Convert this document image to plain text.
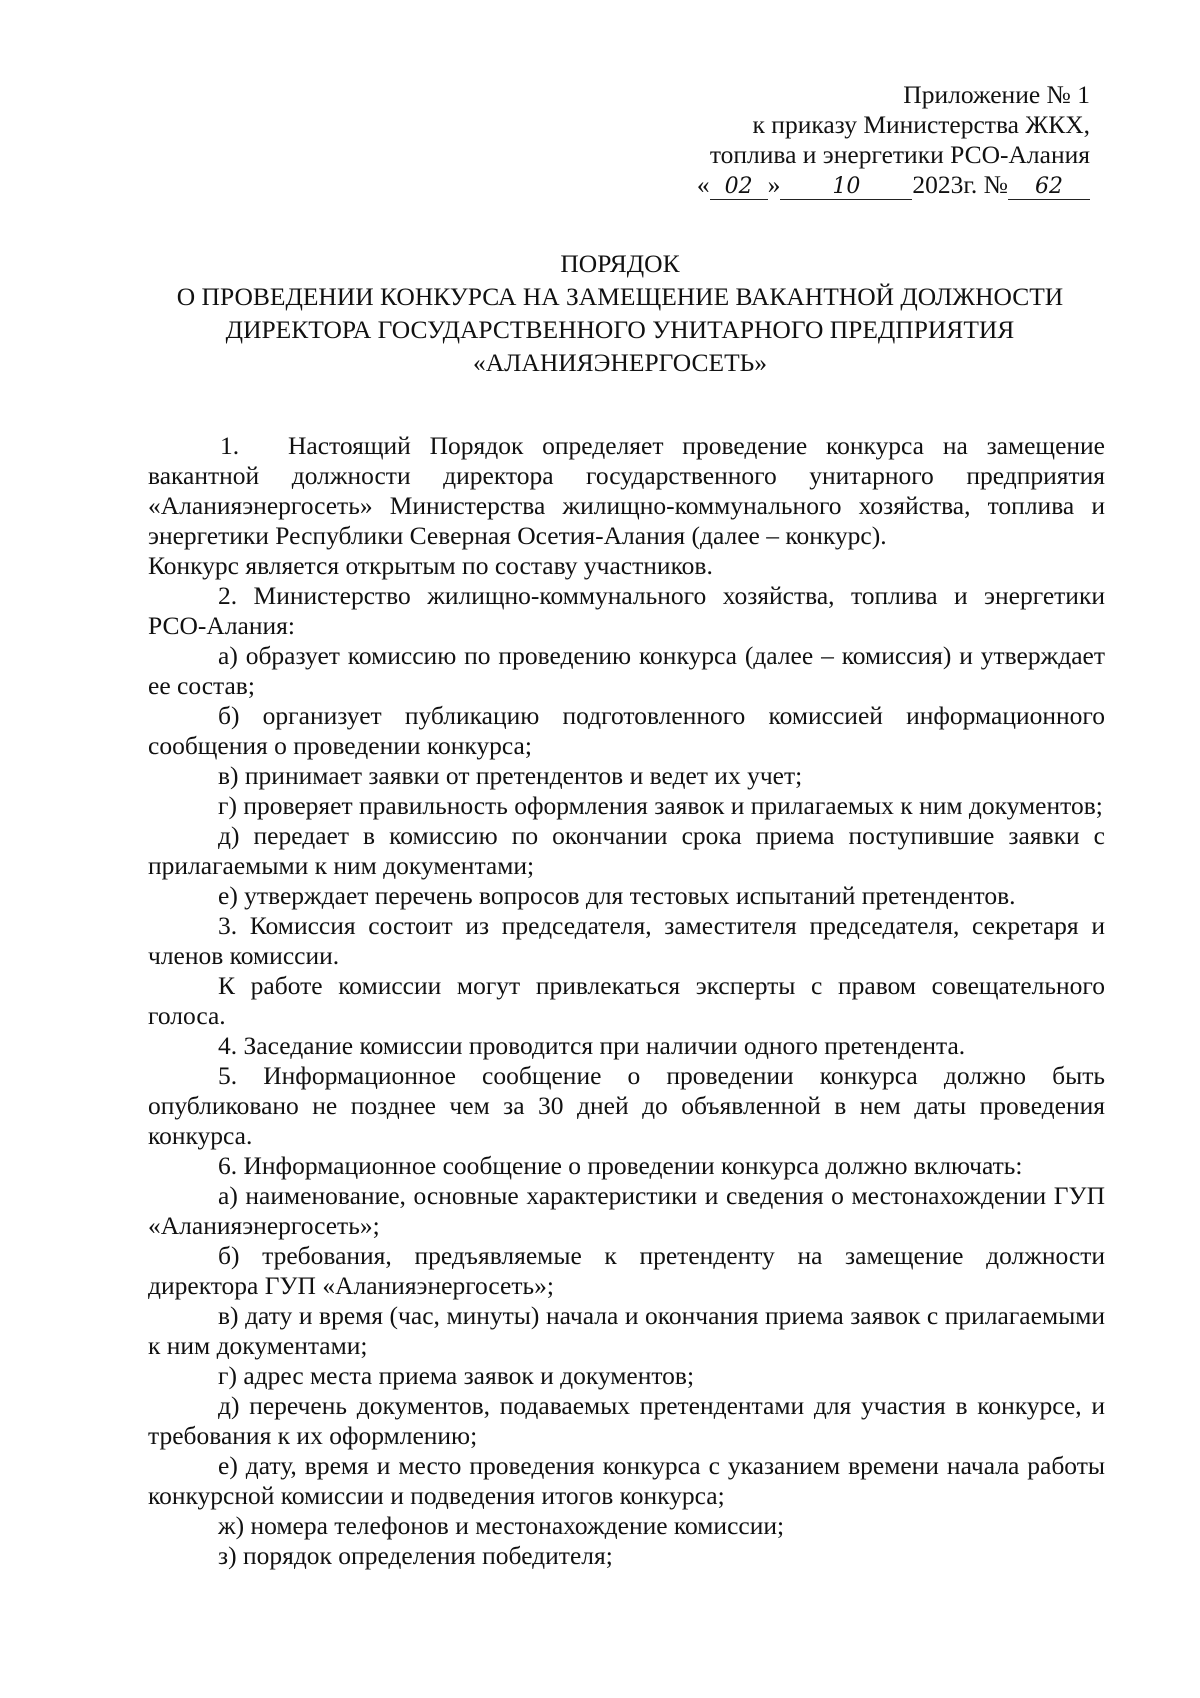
Приложение № 1
к приказу Министерства ЖКХ,
топлива и энергетики РСО-Алания
« 02 » 10 2023г. № 62
ПОРЯДОК
О ПРОВЕДЕНИИ КОНКУРСА НА ЗАМЕЩЕНИЕ ВАКАНТНОЙ ДОЛЖНОСТИ
ДИРЕКТОРА ГОСУДАРСТВЕННОГО УНИТАРНОГО ПРЕДПРИЯТИЯ
«АЛАНИЯЭНЕРГОСЕТЬ»

1. Настоящий Порядок определяет проведение конкурса на замещение вакантной должности директора государственного унитарного предприятия «Аланияэнергосеть» Министерства жилищно-коммунального хозяйства, топлива и энергетики Республики Северная Осетия-Алания (далее – конкурс).

Конкурс является открытым по составу участников.

2. Министерство жилищно-коммунального хозяйства, топлива и энергетики РСО-Алания:

а) образует комиссию по проведению конкурса (далее – комиссия) и утверждает ее состав;

б) организует публикацию подготовленного комиссией информационного сообщения о проведении конкурса;

в) принимает заявки от претендентов и ведет их учет;

г) проверяет правильность оформления заявок и прилагаемых к ним документов;

д) передает в комиссию по окончании срока приема поступившие заявки с прилагаемыми к ним документами;

е) утверждает перечень вопросов для тестовых испытаний претендентов.

3. Комиссия состоит из председателя, заместителя председателя, секретаря и членов комиссии.

К работе комиссии могут привлекаться эксперты с правом совещательного голоса.

4. Заседание комиссии проводится при наличии одного претендента.

5. Информационное сообщение о проведении конкурса должно быть опубликовано не позднее чем за 30 дней до объявленной в нем даты проведения конкурса.

6. Информационное сообщение о проведении конкурса должно включать:

а) наименование, основные характеристики и сведения о местонахождении ГУП «Аланияэнергосеть»;

б) требования, предъявляемые к претенденту на замещение должности директора ГУП «Аланияэнергосеть»;

в) дату и время (час, минуты) начала и окончания приема заявок с прилагаемыми к ним документами;

г) адрес места приема заявок и документов;

д) перечень документов, подаваемых претендентами для участия в конкурсе, и требования к их оформлению;

е) дату, время и место проведения конкурса с указанием времени начала работы конкурсной комиссии и подведения итогов конкурса;

ж) номера телефонов и местонахождение комиссии;

з) порядок определения победителя;
